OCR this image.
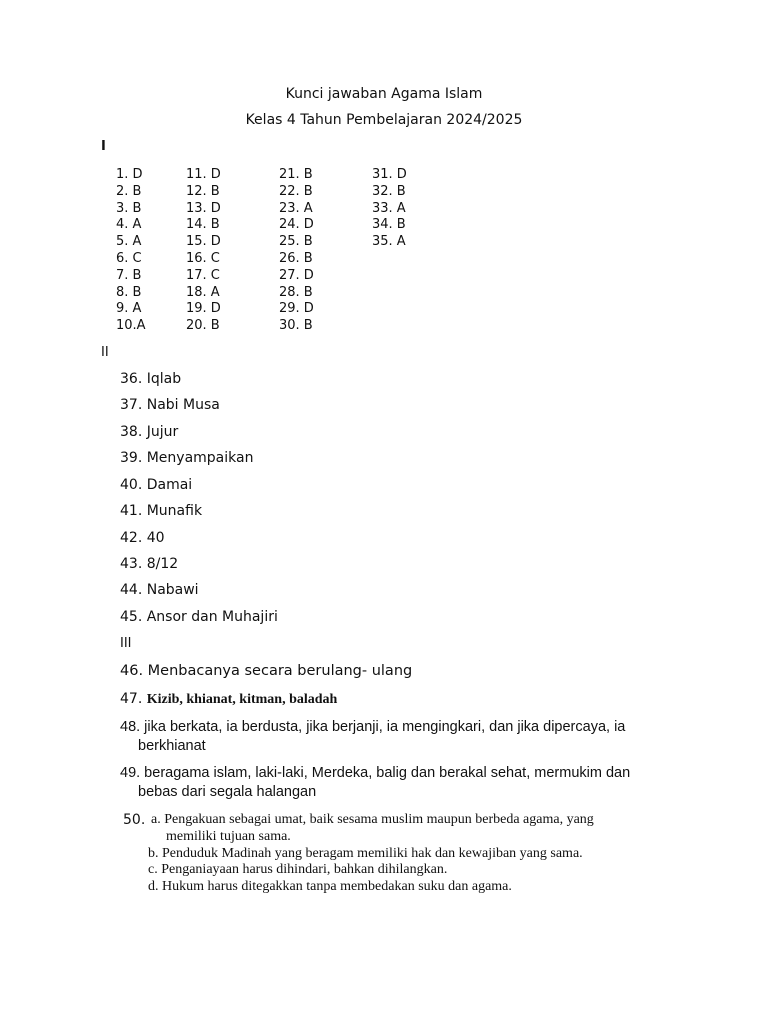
Kunci jawaban Agama Islam
Kelas 4 Tahun Pembelajaran 2024/2025
I
1. D
2. B
3. B
4. A
5. A
6. C
7. B
8. B
9. A
10.A
11. D
12. B
13. D
14. B
15. D
16. C
17. C
18. A
19. D
20. B
21. B
22. B
23. A
24. D
25. B
26. B
27. D
28. B
29. D
30. B
31. D
32. B
33. A
34. B
35. A
II
36. Iqlab
37. Nabi Musa
38. Jujur
39. Menyampaikan
40. Damai
41. Munafik
42. 40
43. 8/12
44. Nabawi
45. Ansor dan Muhajiri
III
46. Menbacanya secara berulang- ulang
47. Kizib, khianat, kitman, baladah
48. jika berkata, ia berdusta, jika berjanji, ia mengingkari, dan jika dipercaya, ia
berkhianat
49. beragama islam, laki-laki, Merdeka, balig dan berakal sehat, mermukim dan
bebas dari segala halangan
50. a. Pengakuan sebagai umat, baik sesama muslim maupun berbeda agama, yang
memiliki tujuan sama.
b. Penduduk Madinah yang beragam memiliki hak dan kewajiban yang sama.
c. Penganiayaan harus dihindari, bahkan dihilangkan.
d. Hukum harus ditegakkan tanpa membedakan suku dan agama.
